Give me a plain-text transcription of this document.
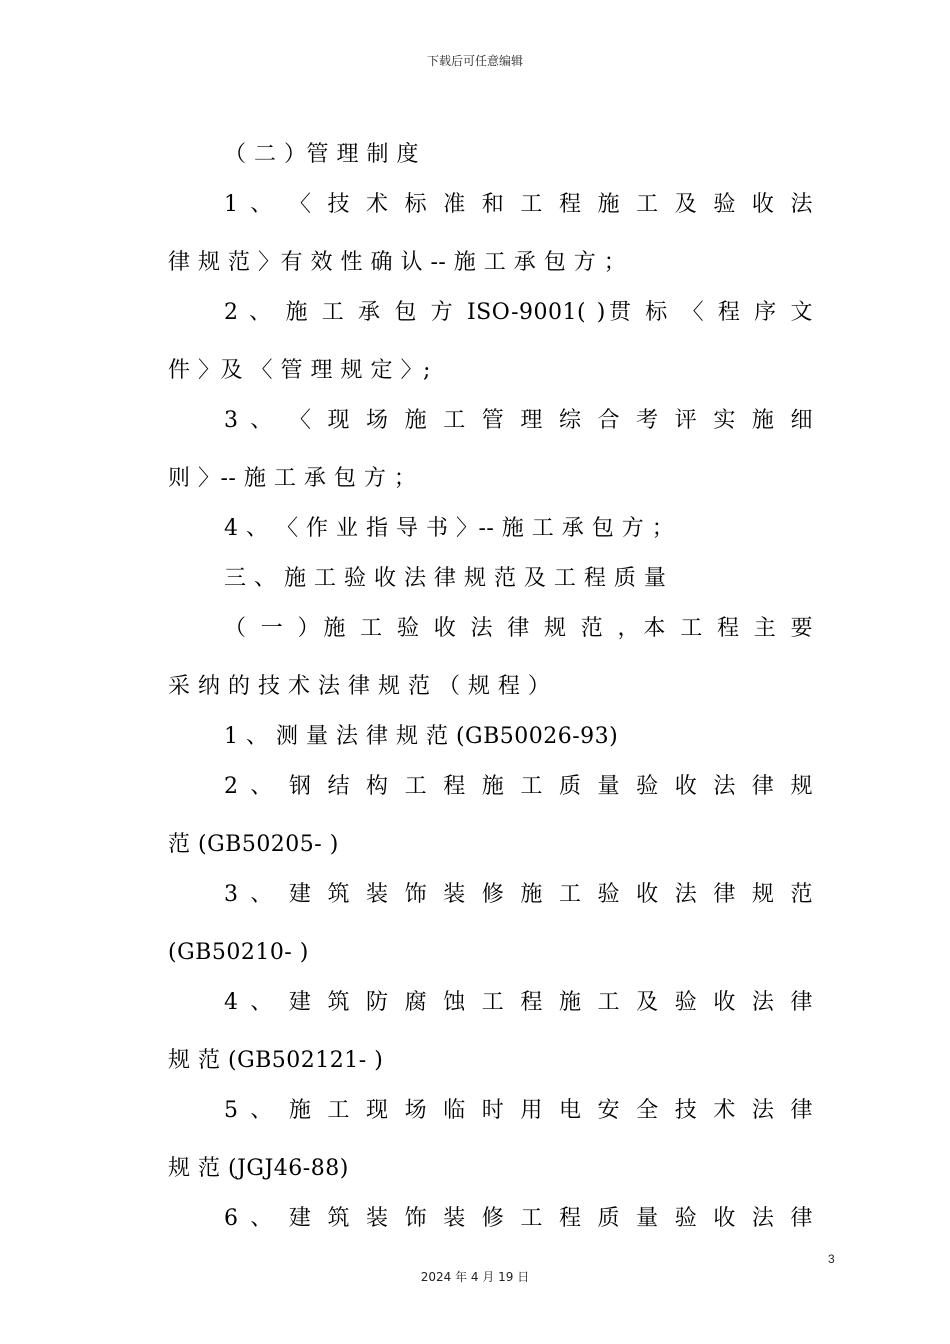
下载后可任意编辑
（ 二 ）管 理 制 度
1 、 〈 技 术 标 准 和 工 程 施 工 及 验 收 法
律 规 范 〉有 效 性 确 认 -- 施 工 承 包 方 ；
2 、 施 工 承 包 方 ISO-9001( )贯 标 〈 程 序 文
件 〉及 〈 管 理 规 定 〉;
3 、 〈 现 场 施 工 管 理 综 合 考 评 实 施 细
则 〉-- 施 工 承 包 方 ；
4 、 〈 作 业 指 导 书 〉-- 施 工 承 包 方 ；
三 、 施 工 验 收 法 律 规 范 及 工 程 质 量
（ 一 ）施 工 验 收 法 律 规 范 ，本 工 程 主 要
采 纳 的 技 术 法 律 规 范 （ 规 程 ）
1 、 测 量 法 律 规 范 (GB50026-93)
2 、 钢 结 构 工 程 施 工 质 量 验 收 法 律 规
范 (GB50205- )
3 、 建 筑 装 饰 装 修 施 工 验 收 法 律 规 范
(GB50210- )
4 、 建 筑 防 腐 蚀 工 程 施 工 及 验 收 法 律
规 范 (GB502121- )
5 、 施 工 现 场 临 时 用 电 安 全 技 术 法 律
规 范 (JGJ46-88)
6 、 建 筑 装 饰 装 修 工 程 质 量 验 收 法 律
3
2024 年 4 月 19 日
